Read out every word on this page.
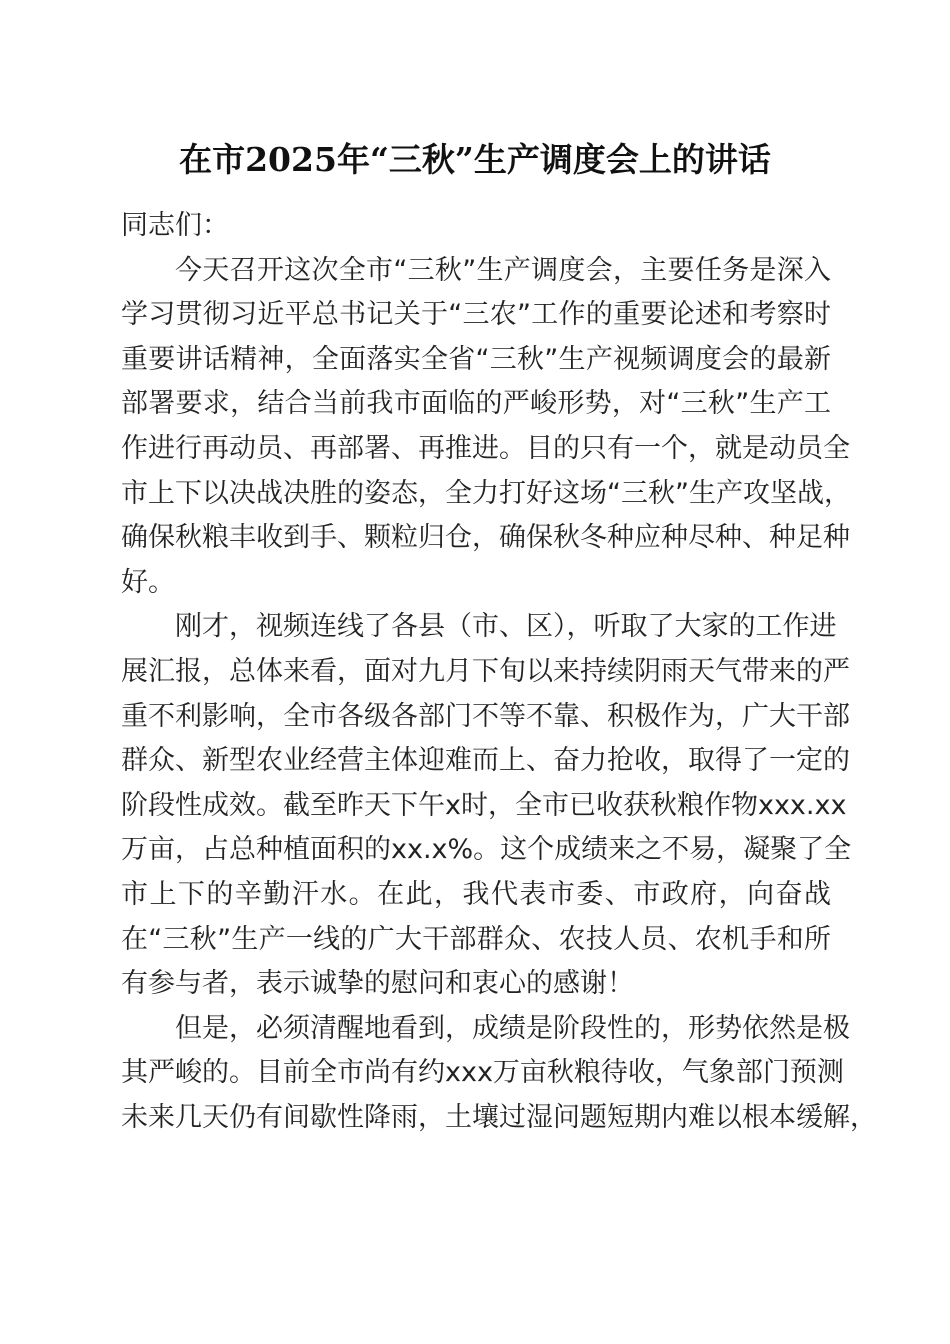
在市2025年“三秋”生产调度会上的讲话
同志们：
今天召开这次全市“三秋”生产调度会，主要任务是深入
学习贯彻习近平总书记关于“三农”工作的重要论述和考察时
重要讲话精神，全面落实全省“三秋”生产视频调度会的最新
部署要求，结合当前我市面临的严峻形势，对“三秋”生产工
作进行再动员、再部署、再推进。目的只有一个，就是动员全
市上下以决战决胜的姿态，全力打好这场“三秋”生产攻坚战，
确保秋粮丰收到手、颗粒归仓，确保秋冬种应种尽种、种足种
好。
刚才，视频连线了各县（市、区），听取了大家的工作进
展汇报，总体来看，面对九月下旬以来持续阴雨天气带来的严
重不利影响，全市各级各部门不等不靠、积极作为，广大干部
群众、新型农业经营主体迎难而上、奋力抢收，取得了一定的
阶段性成效。截至昨天下午x时，全市已收获秋粮作物xxx.xx
万亩，占总种植面积的xx.x%。这个成绩来之不易，凝聚了全
市上下的辛勤汗水。在此，我代表市委、市政府，向奋战
在“三秋”生产一线的广大干部群众、农技人员、农机手和所
有参与者，表示诚挚的慰问和衷心的感谢！
但是，必须清醒地看到，成绩是阶段性的，形势依然是极
其严峻的。目前全市尚有约xxx万亩秋粮待收，气象部门预测
未来几天仍有间歇性降雨，土壤过湿问题短期内难以根本缓解，
